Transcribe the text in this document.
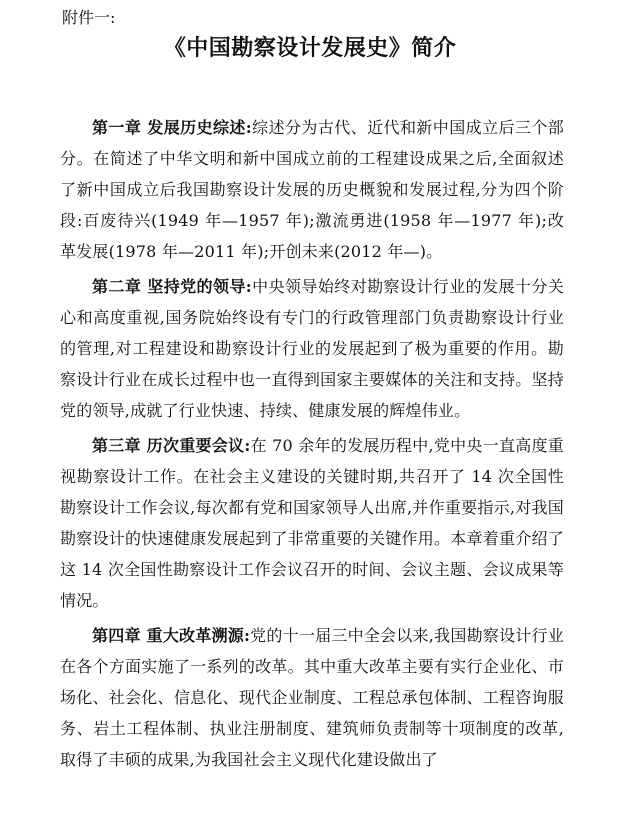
附件一:
《中国勘察设计发展史》简介

第一章 发展历史综述:综述分为古代、近代和新中国成立后三个部分。在简述了中华文明和新中国成立前的工程建设成果之后,全面叙述了新中国成立后我国勘察设计发展的历史概貌和发展过程,分为四个阶段:百废待兴(1949 年—1957 年);激流勇进(1958 年—1977 年);改革发展(1978 年—2011 年);开创未来(2012 年—)。

第二章 坚持党的领导:中央领导始终对勘察设计行业的发展十分关心和高度重视,国务院始终设有专门的行政管理部门负责勘察设计行业的管理,对工程建设和勘察设计行业的发展起到了极为重要的作用。勘察设计行业在成长过程中也一直得到国家主要媒体的关注和支持。坚持党的领导,成就了行业快速、持续、健康发展的辉煌伟业。

第三章 历次重要会议:在 70 余年的发展历程中,党中央一直高度重视勘察设计工作。在社会主义建设的关键时期,共召开了 14 次全国性勘察设计工作会议,每次都有党和国家领导人出席,并作重要指示,对我国勘察设计的快速健康发展起到了非常重要的关键作用。本章着重介绍了这 14 次全国性勘察设计工作会议召开的时间、会议主题、会议成果等情况。

第四章 重大改革溯源:党的十一届三中全会以来,我国勘察设计行业在各个方面实施了一系列的改革。其中重大改革主要有实行企业化、市场化、社会化、信息化、现代企业制度、工程总承包体制、工程咨询服务、岩土工程体制、执业注册制度、建筑师负责制等十项制度的改革,取得了丰硕的成果,为我国社会主义现代化建设做出了
